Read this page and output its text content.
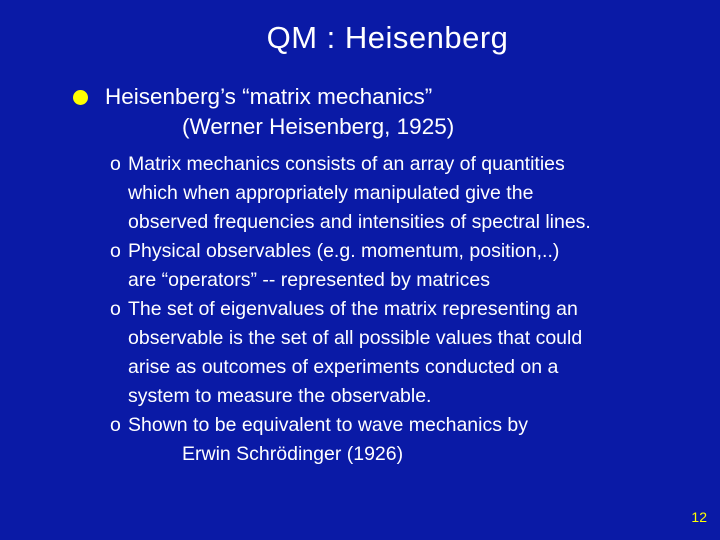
QM : Heisenberg
Heisenberg’s “matrix mechanics”
(Werner Heisenberg, 1925)
o Matrix mechanics consists of an array of quantities
which when appropriately manipulated give the
observed frequencies and intensities of spectral lines.
o Physical observables (e.g. momentum, position,..)
are “operators” -- represented by matrices
o The set of eigenvalues of the matrix representing an
observable is the set of all possible values that could
arise as outcomes of experiments conducted on a
system to measure the observable.
o Shown to be equivalent to wave mechanics by
Erwin Schrödinger (1926)
12
